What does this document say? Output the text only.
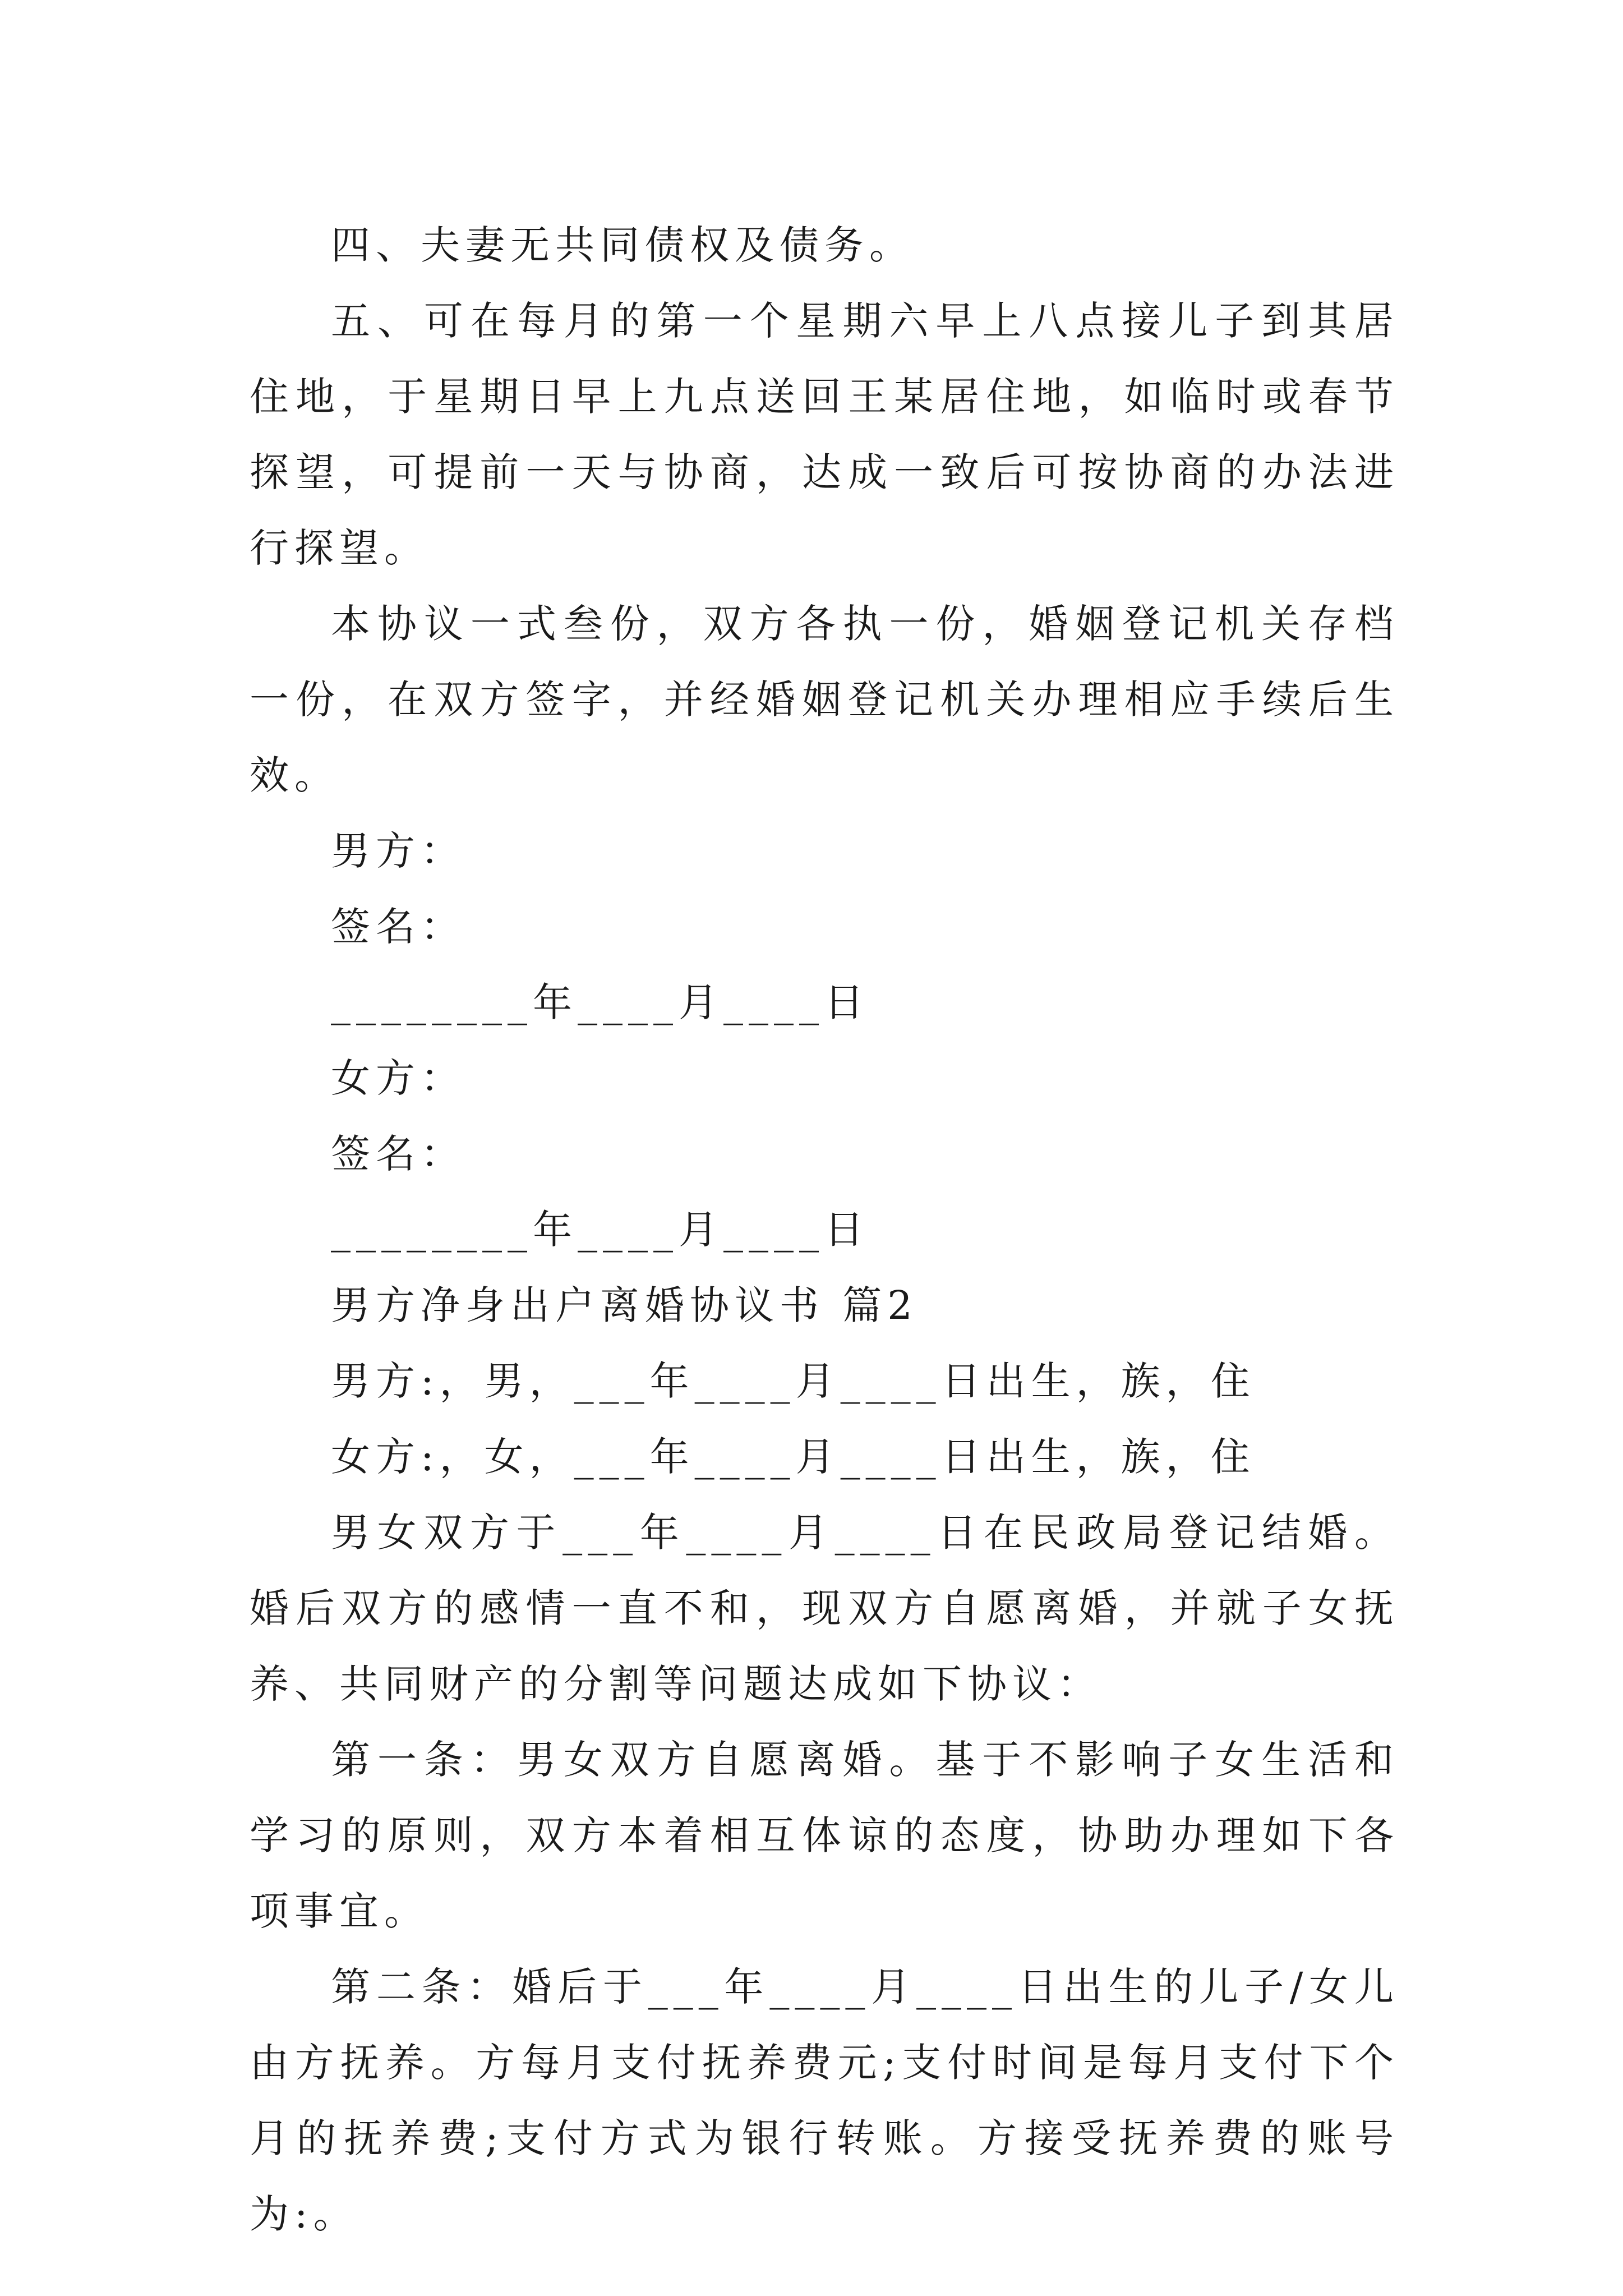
四、夫妻无共同债权及债务。

五、可在每月的第一个星期六早上八点接儿子到其居住地，于星期日早上九点送回王某居住地，如临时或春节探望，可提前一天与协商，达成一致后可按协商的办法进行探望。

本协议一式叁份，双方各执一份，婚姻登记机关存档一份，在双方签字，并经婚姻登记机关办理相应手续后生效。

男方：

签名：

________年____月____日

女方：

签名：

________年____月____日

男方净身出户离婚协议书 篇2

男方:，男，___年____月____日出生，族，住

女方:，女，___年____月____日出生，族，住

男女双方于___年____月____日在民政局登记结婚。婚后双方的感情一直不和，现双方自愿离婚，并就子女抚养、共同财产的分割等问题达成如下协议：

第一条：男女双方自愿离婚。基于不影响子女生活和学习的原则，双方本着相互体谅的态度，协助办理如下各项事宜。

第二条：婚后于___年____月____日出生的儿子/女儿由方抚养。方每月支付抚养费元;支付时间是每月支付下个月的抚养费;支付方式为银行转账。方接受抚养费的账号为:。
